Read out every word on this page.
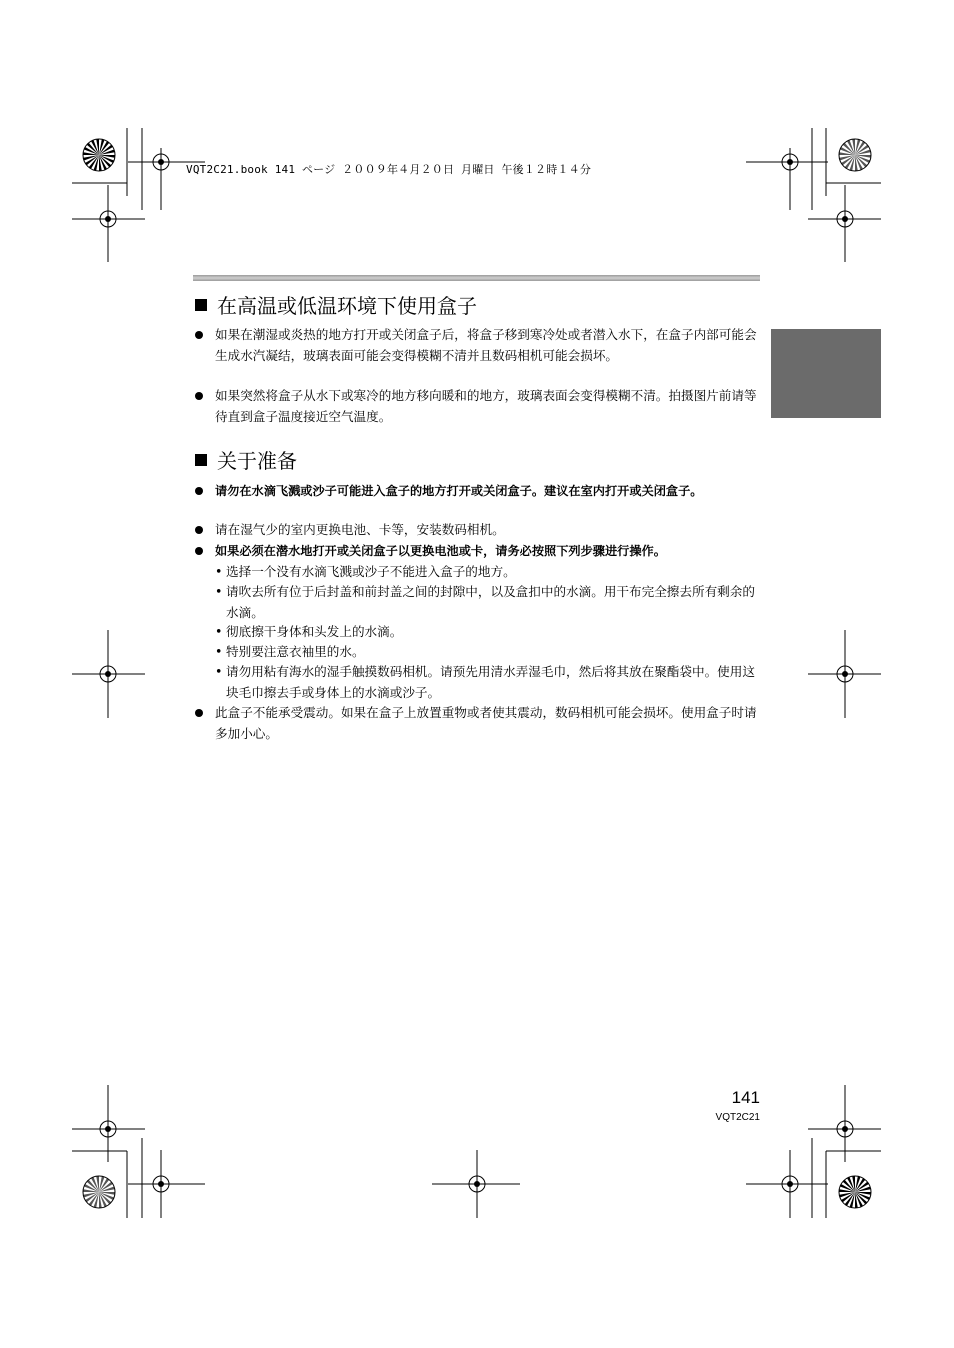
VQT2C21.book 141 ページ ２００９年４月２０日 月曜日 午後１２時１４分
在高温或低温环境下使用盒子
如果在潮湿或炎热的地方打开或关闭盒子后，将盒子移到寒冷处或者潜入水下，在盒子内部可能会生成水汽凝结，玻璃表面可能会变得模糊不清并且数码相机可能会损坏。
如果突然将盒子从水下或寒冷的地方移向暖和的地方，玻璃表面会变得模糊不清。拍摄图片前请等待直到盒子温度接近空气温度。
关于准备
请勿在水滴飞溅或沙子可能进入盒子的地方打开或关闭盒子。建议在室内打开或关闭盒子。
请在湿气少的室内更换电池、卡等，安装数码相机。
如果必须在潜水地打开或关闭盒子以更换电池或卡，请务必按照下列步骤进行操作。
• 选择一个没有水滴飞溅或沙子不能进入盒子的地方。
• 请吹去所有位于后封盖和前封盖之间的封隙中，以及盒扣中的水滴。用干布完全擦去所有剩余的水滴。
• 彻底擦干身体和头发上的水滴。
• 特别要注意衣袖里的水。
• 请勿用粘有海水的湿手触摸数码相机。请预先用清水弄湿毛巾，然后将其放在聚酯袋中。使用这块毛巾擦去手或身体上的水滴或沙子。
此盒子不能承受震动。如果在盒子上放置重物或者使其震动，数码相机可能会损坏。使用盒子时请多加小心。
141
VQT2C21
